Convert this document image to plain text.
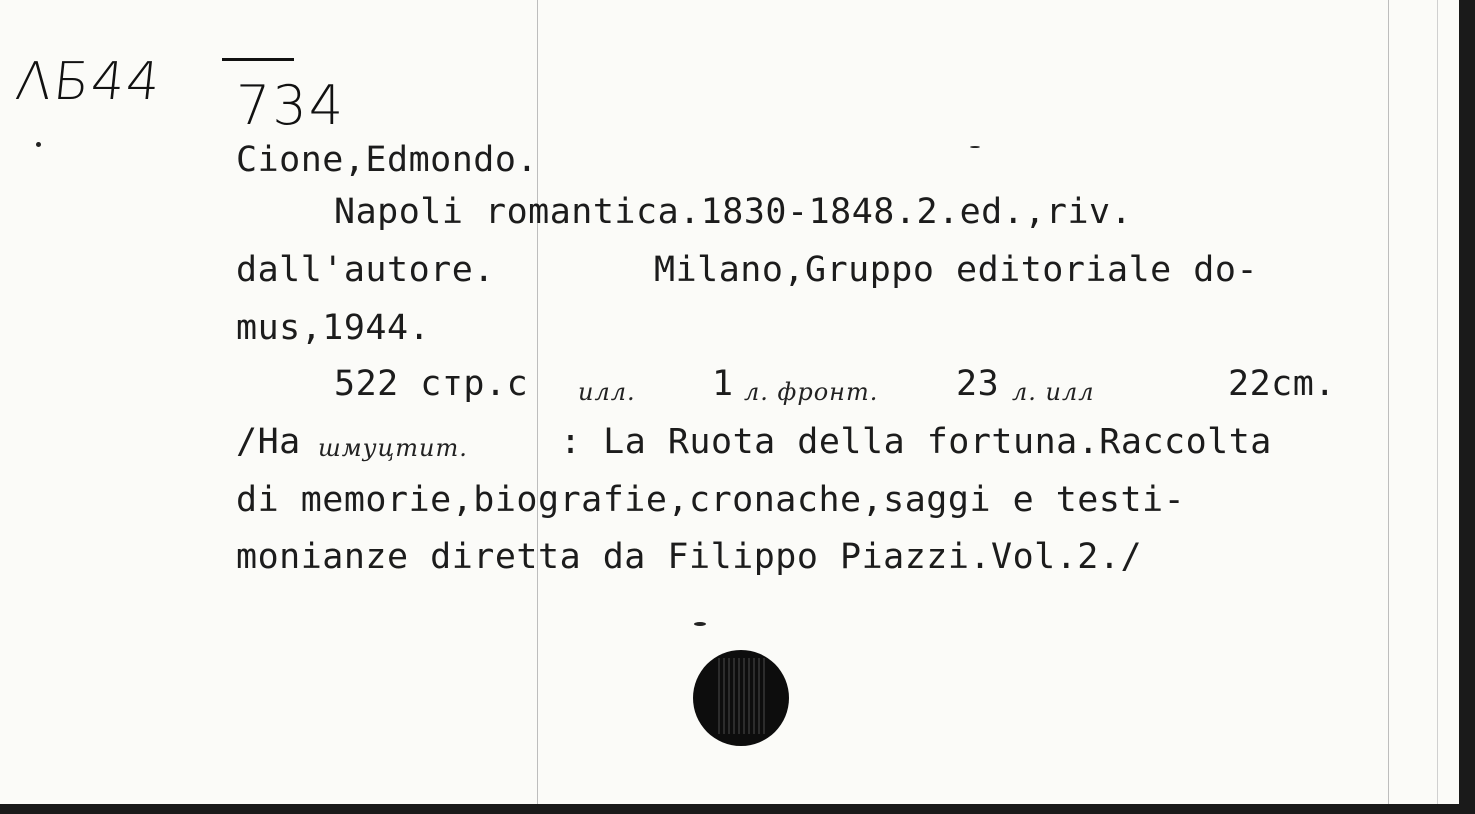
ΛБ44 734
Cione,Edmondo.
Napoli romantica.1830-1848.2.ed.,riv.
dall'autore.	Milano,Gruppo editoriale do-
mus,1944.
522 стр.с илл. 1 л. фронт. 23 л. илл	22cm.
/На шмуцтит.	: La Ruota della fortuna.Raccolta
di memorie,biografie,cronache,saggi e testi-
monianze diretta da Filippo Piazzi.Vol.2./
